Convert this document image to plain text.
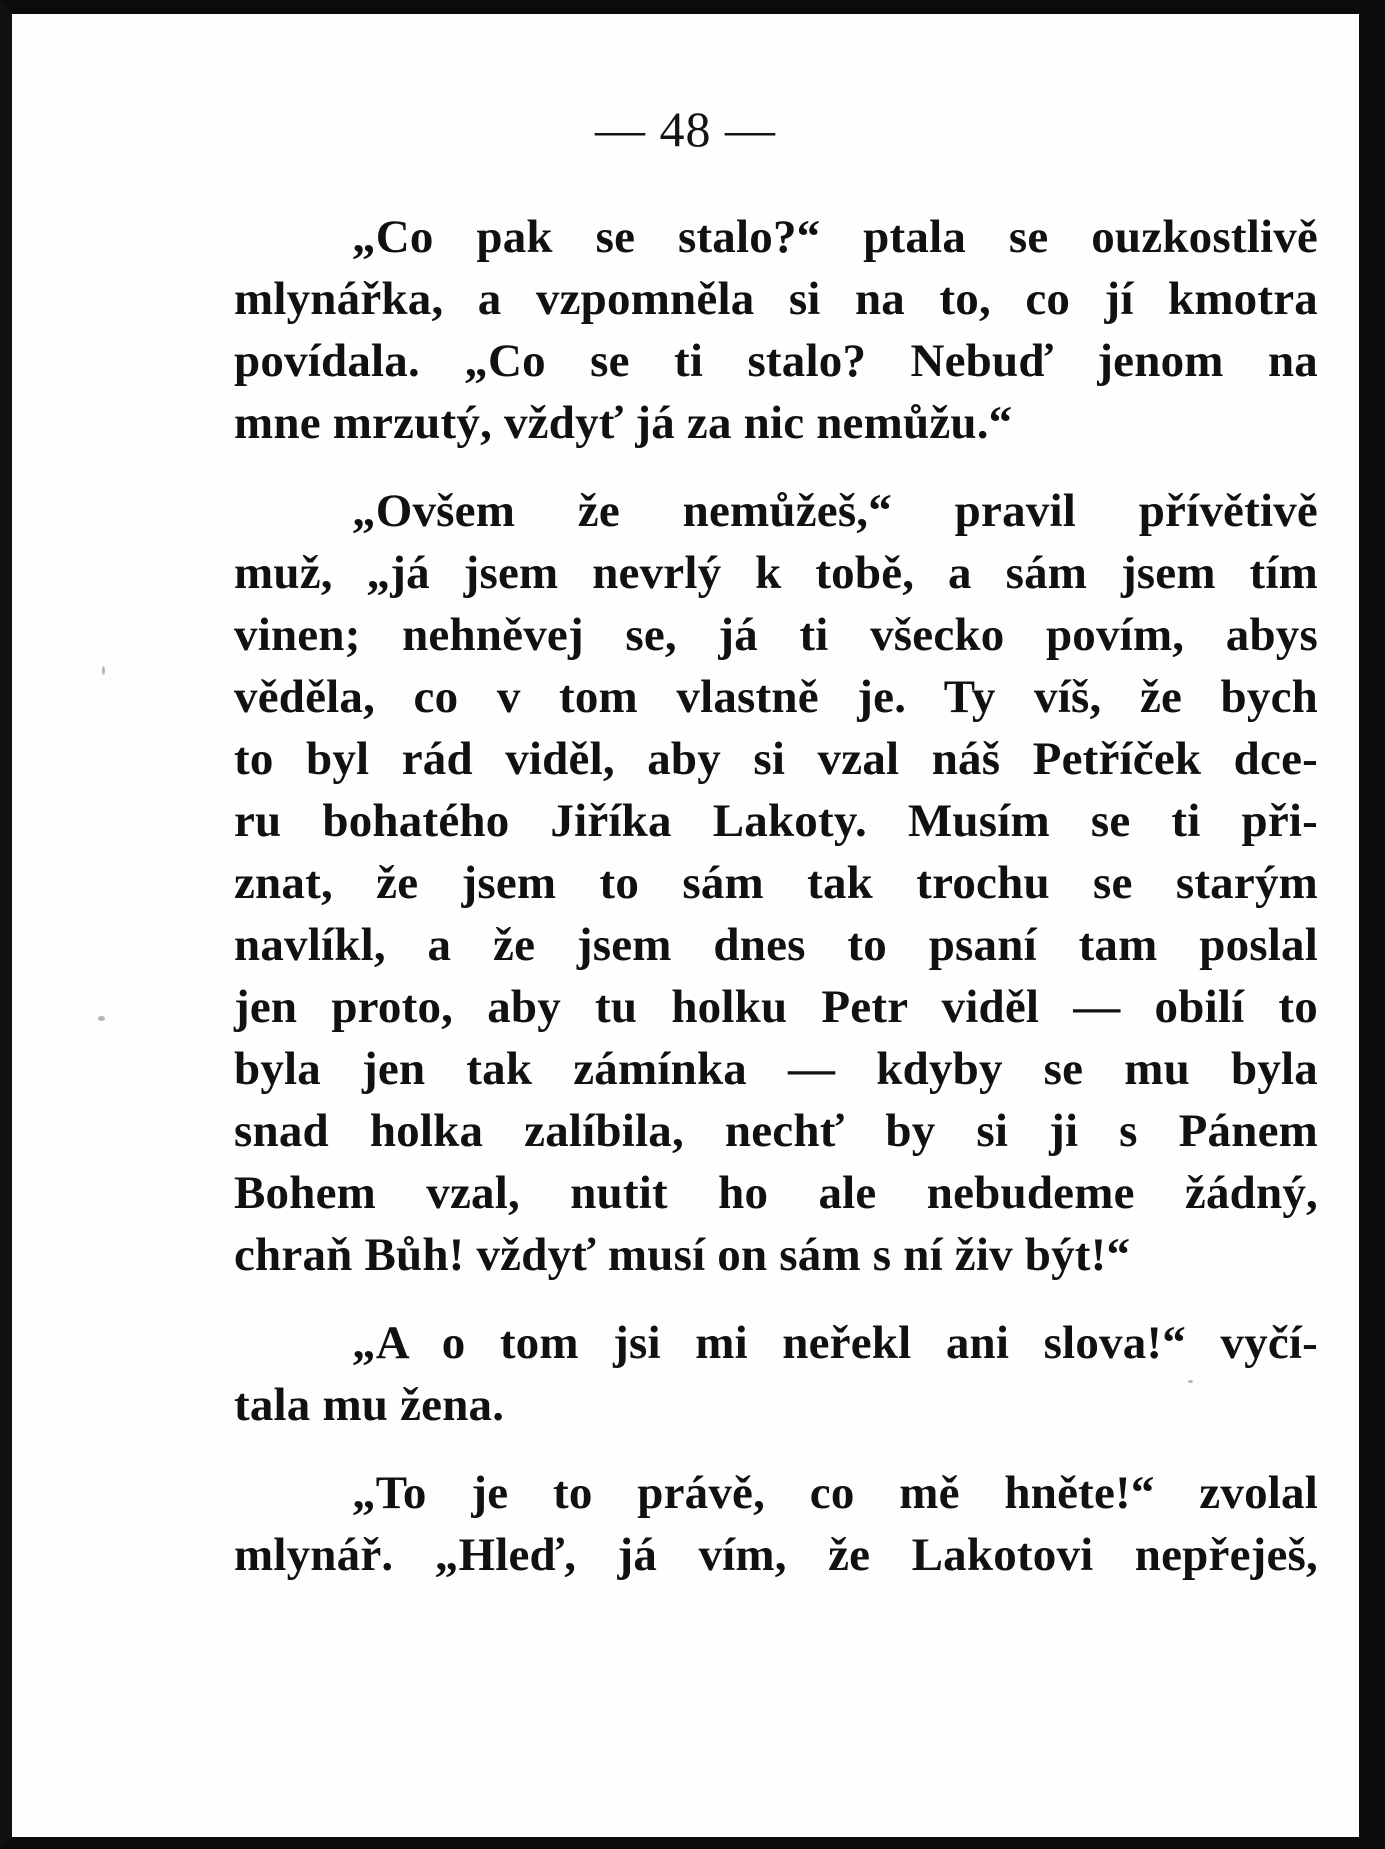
— 48 —

„Co pak se stalo?“ ptala se ouzkostlivě
mlynářka, a vzpomněla si na to, co jí kmotra
povídala. „Co se ti stalo? Nebuď jenom na
mne mrzutý, vždyť já za nic nemůžu.“
„Ovšem že nemůžeš,“ pravil přívětivě
muž, „já jsem nevrlý k tobě, a sám jsem tím
vinen; nehněvej se, já ti všecko povím, abys
věděla, co v tom vlastně je. Ty víš, že bych
to byl rád viděl, aby si vzal náš Petříček dce-
ru bohatého Jiříka Lakoty. Musím se ti při-
znat, že jsem to sám tak trochu se starým
navlíkl, a že jsem dnes to psaní tam poslal
jen proto, aby tu holku Petr viděl — obilí to
byla jen tak zámínka — kdyby se mu byla
snad holka zalíbila, nechť by si ji s Pánem
Bohem vzal, nutit ho ale nebudeme žádný,
chraň Bůh! vždyť musí on sám s ní živ být!“
„A o tom jsi mi neřekl ani slova!“ vyčí-
tala mu žena.
„To je to právě, co mě hněte!“ zvolal
mlynář. „Hleď, já vím, že Lakotovi nepřeješ,
